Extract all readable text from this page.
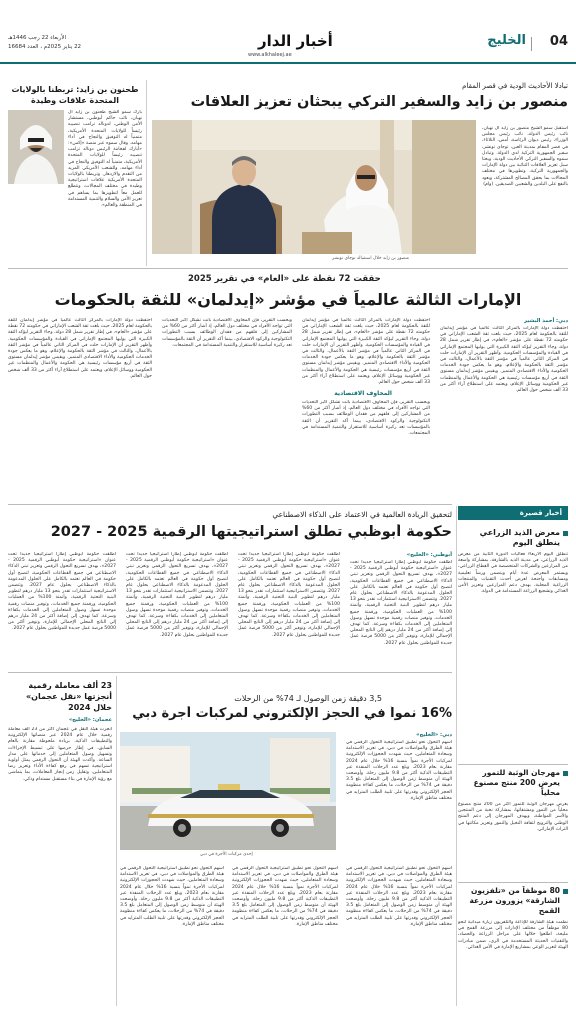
04
الخليج
أخبار الدار
www.alkhaleej.ae
الأربعاء 22 رجب 1446هـ
22 يناير 2025م ، العدد 16684
طحنون بن زايد: تربطنا بالولايات المتحدة علاقات وطيدة
بارك سمو الشيخ طحنون بن زايد آل نهيان، نائب حاكم أبوظبي، مستشار الأمن الوطني، لدونالد ترامب تنصيبه رئيساً للولايات المتحدة الأمريكية، متمنياً له التوفيق والنجاح في أداء مهامه. وقال سموه عبر منصة «إكس»: «أبارك لفخامة الرئيس دونالد ترامب تنصيبه رئيساً للولايات المتحدة الأمريكية، متمنياً له التوفيق والنجاح في أداء مهامه، وللشعب الأمريكي المزيد من التقدم والازدهار. وتربطنا بالولايات المتحدة الأمريكية علاقات استراتيجية وطيدة في مختلف المجالات، ونتطلع للعمل معاً لتطويرها بما يساهم في تعزيز الأمن والسلام والتنمية المستدامة في المنطقة والعالم».
تبادلا الأحاديث الودية في قصر المقام
منصور بن زايد والسفير التركي يبحثان تعزيز العلاقات
استقبل سمو الشيخ منصور بن زايد آل نهيان، نائب رئيس الدولة، نائب رئيس مجلس الوزراء، رئيس ديوان الرئاسة، أمس، الثلاثاء، في قصر المقام بمدينة العين، توجاي تونشر، سفير الجمهورية التركية لدى الدولة. وتبادل سموه والسفير التركي الأحاديث الودية، وبحثا سبل تعزيز العلاقات الثنائية بين دولة الإمارات والجمهورية التركية، وتطويرها في مختلف المجالات بما يحقق المصالح المشتركة، ويعود بالنفع على البلدين والشعبين الصديقين. (وام)
منصور بن زايد خلال استقباله توجاي تونشر
حققت 72 نقطة على «العام» في تقرير 2025
الإمارات الثالثة عالمياً في مؤشر «إيدلمان» للثقة بالحكومات
دبي: أحمد البشير
احتفظت دولة الإمارات بالمركز الثالث عالمياً في مؤشر إيدلمان للثقة بالحكومة لعام 2025، حيث بلغت ثقة الشعب الإماراتي في حكومته 72 نقطة على مؤشر «العام»، في إطار تقرير شمل 28 دولة، وجاء التقرير ليؤكد الثقة الكبيرة التي يوليها المجتمع الإماراتي في القيادة والمؤسسات الحكومية. وأظهر التقرير أن الإمارات حلت في المركز الثاني عالمياً في مؤشر الثقة بالأعمال، والثالث في مؤشر الثقة بالحكومة والإعلام، وهو ما يعكس جودة الخدمات الحكومية والأداء الاقتصادي المتميز. ويقيس مؤشر إيدلمان مستوى الثقة في أربع مؤسسات رئيسية هي الحكومة والأعمال والمنظمات غير الحكومية ووسائل الإعلام، ويعتمد على استطلاع آراء أكثر من 33 ألف شخص حول العالم.
احتفظت دولة الإمارات بالمركز الثالث عالمياً في مؤشر إيدلمان للثقة بالحكومة لعام 2025، حيث بلغت ثقة الشعب الإماراتي في حكومته 72 نقطة على مؤشر «العام»، في إطار تقرير شمل 28 دولة، وجاء التقرير ليؤكد الثقة الكبيرة التي يوليها المجتمع الإماراتي في القيادة والمؤسسات الحكومية. وأظهر التقرير أن الإمارات حلت في المركز الثاني عالمياً في مؤشر الثقة بالأعمال، والثالث في مؤشر الثقة بالحكومة والإعلام، وهو ما يعكس جودة الخدمات الحكومية والأداء الاقتصادي المتميز. ويقيس مؤشر إيدلمان مستوى الثقة في أربع مؤسسات رئيسية هي الحكومة والأعمال والمنظمات غير الحكومية ووسائل الإعلام، ويعتمد على استطلاع آراء أكثر من 33 ألف شخص حول العالم.
المخاوف الاقتصادية
وبحسب التقرير، فإن المخاوف الاقتصادية باتت تشكل أكبر التحديات التي تواجه الأفراد في مختلف دول العالم، إذ أشار أكثر من 60% من المشاركين إلى قلقهم من فقدان الوظائف بسبب التطورات التكنولوجية والركود الاقتصادي، بينما أكد التقرير أن الثقة بالمؤسسات تعد ركيزة أساسية للاستقرار والتنمية المستدامة في المجتمعات.
وبحسب التقرير، فإن المخاوف الاقتصادية باتت تشكل أكبر التحديات التي تواجه الأفراد في مختلف دول العالم، إذ أشار أكثر من 60% من المشاركين إلى قلقهم من فقدان الوظائف بسبب التطورات التكنولوجية والركود الاقتصادي، بينما أكد التقرير أن الثقة بالمؤسسات تعد ركيزة أساسية للاستقرار والتنمية المستدامة في المجتمعات.
احتفظت دولة الإمارات بالمركز الثالث عالمياً في مؤشر إيدلمان للثقة بالحكومة لعام 2025، حيث بلغت ثقة الشعب الإماراتي في حكومته 72 نقطة على مؤشر «العام»، في إطار تقرير شمل 28 دولة، وجاء التقرير ليؤكد الثقة الكبيرة التي يوليها المجتمع الإماراتي في القيادة والمؤسسات الحكومية. وأظهر التقرير أن الإمارات حلت في المركز الثاني عالمياً في مؤشر الثقة بالأعمال، والثالث في مؤشر الثقة بالحكومة والإعلام، وهو ما يعكس جودة الخدمات الحكومية والأداء الاقتصادي المتميز. ويقيس مؤشر إيدلمان مستوى الثقة في أربع مؤسسات رئيسية هي الحكومة والأعمال والمنظمات غير الحكومية ووسائل الإعلام، ويعتمد على استطلاع آراء أكثر من 33 ألف شخص حول العالم.
أخبار قصيرة
معرض الذيد الزراعي ينطلق اليوم
تنطلق اليوم الأربعاء فعاليات الدورة الثانية من معرض الذيد الزراعي، في مدينة الذيد بالشارقة، بمشاركة واسعة من المزارعين والشركات المتخصصة في القطاع الزراعي، ويستمر المعرض عدة أيام ويتضمن ورشاً تعليمية ومسابقات وأجنحة لعرض أحدث التقنيات والمنتجات الزراعية المحلية، بهدف دعم المزارعين وتعزيز الأمن الغذائي وتشجيع الزراعة المستدامة في الدولة.
مهرجان الوثبة للتمور يعرض 200 منتج مصنوع محلياً
يعرض مهرجان الوثبة للتمور أكثر من 200 منتج مصنوع محلياً من التمور ومشتقاتها، بمشاركة نخبة من المنتجين والأسر المواطنة، ويهدف المهرجان إلى دعم المنتج الوطني والترويج لثقافة النخيل والتمور وتعزيز مكانتها في التراث الإماراتي.
80 موظفاً من «تلفزيون الشارقة» يزورون مزرعة القمح
نظمت هيئة الشارقة للإذاعة والتلفزيون زيارة ميدانية لنحو 80 موظفاً من مختلف الإدارات إلى مزرعة القمح في مليحة، اطلعوا خلالها على مراحل الزراعة والحصاد، والتقنيات الحديثة المستخدمة في الري، ضمن مبادرات الهيئة لتعزيز الوعي بمشاريع الإمارة في الأمن الغذائي.
لتحقيق الريادة العالمية في الاعتماد على الذكاء الاصطناعي
حكومة أبوظبي تطلق استراتيجيتها الرقمية 2025 - 2027
أبوظبي: «الخليج»
أطلقت حكومة أبوظبي إطاراً استراتيجياً جديداً تحت عنوان «استراتيجية حكومة أبوظبي الرقمية 2025 - 2027»، بهدف تسريع التحول الرقمي وتعزيز تبني الذكاء الاصطناعي في جميع القطاعات الحكومية، لتصبح أول حكومة في العالم تعتمد بالكامل على الحلول المدعومة بالذكاء الاصطناعي بحلول عام 2027. وتتضمن الاستراتيجية استثمارات تقدر بنحو 13 مليار درهم لتطوير البنية التحتية الرقمية، وأتمتة 100% من العمليات الحكومية، ورقمنة جميع الخدمات، وتوفير منصات رقمية موحدة تسهل وصول المتعاملين إلى الخدمات بكفاءة وسرعة. كما تهدف إلى إضافة أكثر من 24 مليار درهم إلى الناتج المحلي الإجمالي للإمارة، وتوفير أكثر من 5000 فرصة عمل جديدة للمواطنين بحلول عام 2027.
أطلقت حكومة أبوظبي إطاراً استراتيجياً جديداً تحت عنوان «استراتيجية حكومة أبوظبي الرقمية 2025 - 2027»، بهدف تسريع التحول الرقمي وتعزيز تبني الذكاء الاصطناعي في جميع القطاعات الحكومية، لتصبح أول حكومة في العالم تعتمد بالكامل على الحلول المدعومة بالذكاء الاصطناعي بحلول عام 2027. وتتضمن الاستراتيجية استثمارات تقدر بنحو 13 مليار درهم لتطوير البنية التحتية الرقمية، وأتمتة 100% من العمليات الحكومية، ورقمنة جميع الخدمات، وتوفير منصات رقمية موحدة تسهل وصول المتعاملين إلى الخدمات بكفاءة وسرعة. كما تهدف إلى إضافة أكثر من 24 مليار درهم إلى الناتج المحلي الإجمالي للإمارة، وتوفير أكثر من 5000 فرصة عمل جديدة للمواطنين بحلول عام 2027.
أطلقت حكومة أبوظبي إطاراً استراتيجياً جديداً تحت عنوان «استراتيجية حكومة أبوظبي الرقمية 2025 - 2027»، بهدف تسريع التحول الرقمي وتعزيز تبني الذكاء الاصطناعي في جميع القطاعات الحكومية، لتصبح أول حكومة في العالم تعتمد بالكامل على الحلول المدعومة بالذكاء الاصطناعي بحلول عام 2027. وتتضمن الاستراتيجية استثمارات تقدر بنحو 13 مليار درهم لتطوير البنية التحتية الرقمية، وأتمتة 100% من العمليات الحكومية، ورقمنة جميع الخدمات، وتوفير منصات رقمية موحدة تسهل وصول المتعاملين إلى الخدمات بكفاءة وسرعة. كما تهدف إلى إضافة أكثر من 24 مليار درهم إلى الناتج المحلي الإجمالي للإمارة، وتوفير أكثر من 5000 فرصة عمل جديدة للمواطنين بحلول عام 2027.
أطلقت حكومة أبوظبي إطاراً استراتيجياً جديداً تحت عنوان «استراتيجية حكومة أبوظبي الرقمية 2025 - 2027»، بهدف تسريع التحول الرقمي وتعزيز تبني الذكاء الاصطناعي في جميع القطاعات الحكومية، لتصبح أول حكومة في العالم تعتمد بالكامل على الحلول المدعومة بالذكاء الاصطناعي بحلول عام 2027. وتتضمن الاستراتيجية استثمارات تقدر بنحو 13 مليار درهم لتطوير البنية التحتية الرقمية، وأتمتة 100% من العمليات الحكومية، ورقمنة جميع الخدمات، وتوفير منصات رقمية موحدة تسهل وصول المتعاملين إلى الخدمات بكفاءة وسرعة. كما تهدف إلى إضافة أكثر من 24 مليار درهم إلى الناتج المحلي الإجمالي للإمارة، وتوفير أكثر من 5000 فرصة عمل جديدة للمواطنين بحلول عام 2027.
3,5 دقيقة زمن الوصول لـ 74% من الرحلات
16% نمواً في الحجز الإلكتروني لمركبات أجرة دبي
دبي: «الخليج»
أسهم التحول نحو تطبيق استراتيجية التحول الرقمي في هيئة الطرق والمواصلات في دبي، في تعزيز الاستدامة وسعادة المتعاملين، حيث شهدت الحجوزات الإلكترونية لمركبات الأجرة نمواً بنسبة 16% خلال عام 2024 مقارنة بعام 2023، وبلغ عدد الرحلات المنفذة عبر التطبيقات الذكية أكثر من 9.8 مليون رحلة. وأوضحت الهيئة أن متوسط زمن الوصول إلى المتعامل بلغ 3.5 دقيقة في 74% من الرحلات، ما يعكس كفاءة منظومة الحجز الإلكتروني وقدرتها على تلبية الطلب المتزايد في مختلف مناطق الإمارة.
إحدى مركبات الأجرة في دبي
أسهم التحول نحو تطبيق استراتيجية التحول الرقمي في هيئة الطرق والمواصلات في دبي، في تعزيز الاستدامة وسعادة المتعاملين، حيث شهدت الحجوزات الإلكترونية لمركبات الأجرة نمواً بنسبة 16% خلال عام 2024 مقارنة بعام 2023، وبلغ عدد الرحلات المنفذة عبر التطبيقات الذكية أكثر من 9.8 مليون رحلة. وأوضحت الهيئة أن متوسط زمن الوصول إلى المتعامل بلغ 3.5 دقيقة في 74% من الرحلات، ما يعكس كفاءة منظومة الحجز الإلكتروني وقدرتها على تلبية الطلب المتزايد في مختلف مناطق الإمارة.
أسهم التحول نحو تطبيق استراتيجية التحول الرقمي في هيئة الطرق والمواصلات في دبي، في تعزيز الاستدامة وسعادة المتعاملين، حيث شهدت الحجوزات الإلكترونية لمركبات الأجرة نمواً بنسبة 16% خلال عام 2024 مقارنة بعام 2023، وبلغ عدد الرحلات المنفذة عبر التطبيقات الذكية أكثر من 9.8 مليون رحلة. وأوضحت الهيئة أن متوسط زمن الوصول إلى المتعامل بلغ 3.5 دقيقة في 74% من الرحلات، ما يعكس كفاءة منظومة الحجز الإلكتروني وقدرتها على تلبية الطلب المتزايد في مختلف مناطق الإمارة.
أسهم التحول نحو تطبيق استراتيجية التحول الرقمي في هيئة الطرق والمواصلات في دبي، في تعزيز الاستدامة وسعادة المتعاملين، حيث شهدت الحجوزات الإلكترونية لمركبات الأجرة نمواً بنسبة 16% خلال عام 2024 مقارنة بعام 2023، وبلغ عدد الرحلات المنفذة عبر التطبيقات الذكية أكثر من 9.8 مليون رحلة. وأوضحت الهيئة أن متوسط زمن الوصول إلى المتعامل بلغ 3.5 دقيقة في 74% من الرحلات، ما يعكس كفاءة منظومة الحجز الإلكتروني وقدرتها على تلبية الطلب المتزايد في مختلف مناطق الإمارة.
23 ألف معاملة رقمية أنجزتها «نقل عجمان» خلال 2024
عجمان: «الخليج»
أنجزت هيئة النقل في عجمان أكثر من 23 ألف معاملة رقمية خلال عام 2024 عبر منصاتها الإلكترونية والتطبيقات الذكية، بزيادة ملحوظة مقارنة بالعام السابق، في إطار حرصها على تبسيط الإجراءات وتسهيل وصول المتعاملين إلى خدماتها على مدار الساعة. وأكدت الهيئة أن التحول الرقمي يمثل أولوية استراتيجية تسهم في رفع كفاءة الأداء وتعزيز رضا المتعاملين، وتقليل زمن إنجاز المعاملات، بما يتماشى مع رؤية الإمارة في بناء مستقبل مستدام وذكي.
